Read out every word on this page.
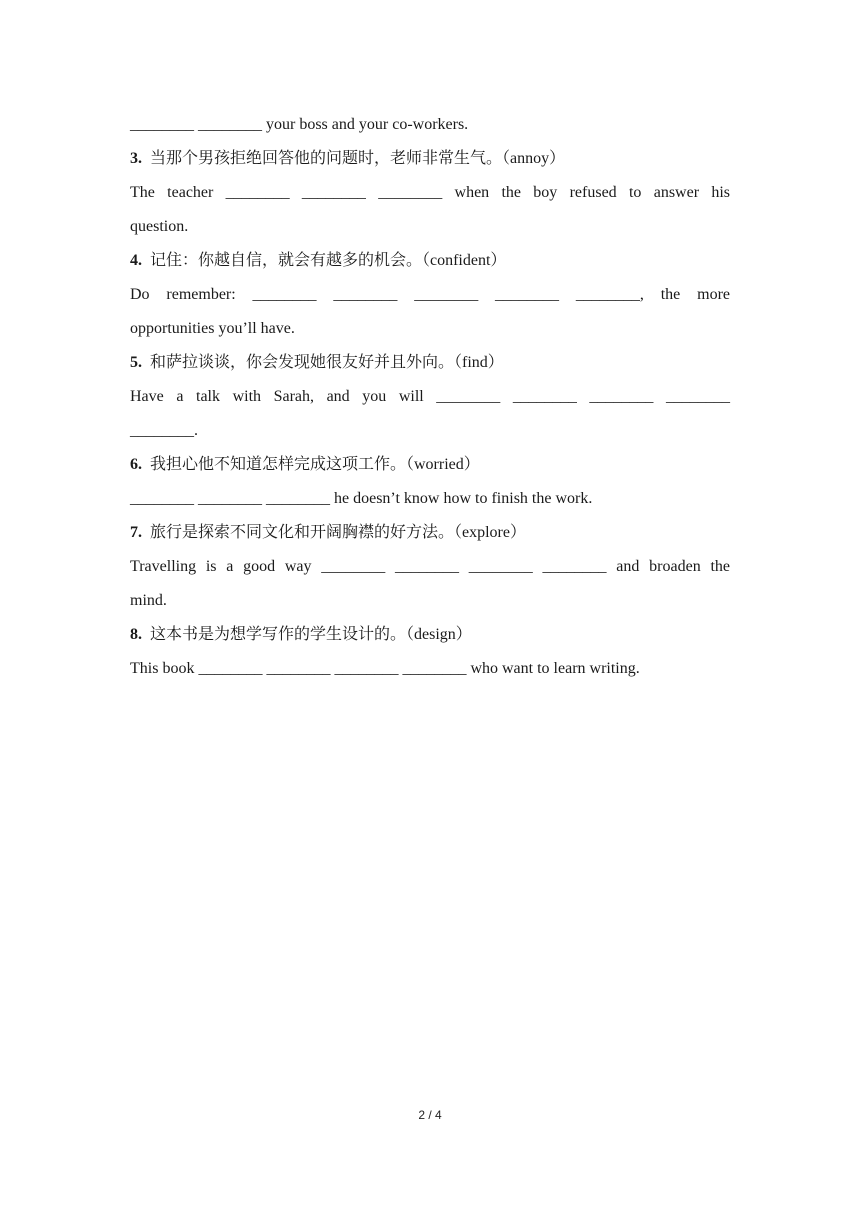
________ ________ your boss and your co-workers.
3. 当那个男孩拒绝回答他的问题时，老师非常生气。（annoy）
The teacher ________ ________ ________ when the boy refused to answer his
question.
4. 记住：你越自信，就会有越多的机会。（confident）
Do remember: ________ ________ ________ ________ ________, the more
opportunities you’ll have.
5. 和萨拉谈谈，你会发现她很友好并且外向。（find）
Have a talk with Sarah, and you will ________ ________ ________ ________
________.
6. 我担心他不知道怎样完成这项工作。（worried）
________ ________ ________ he doesn’t know how to finish the work.
7. 旅行是探索不同文化和开阔胸襟的好方法。（explore）
Travelling is a good way ________ ________ ________ ________ and broaden the
mind.
8. 这本书是为想学写作的学生设计的。（design）
This book ________ ________ ________ ________ who want to learn writing.
2 / 4
